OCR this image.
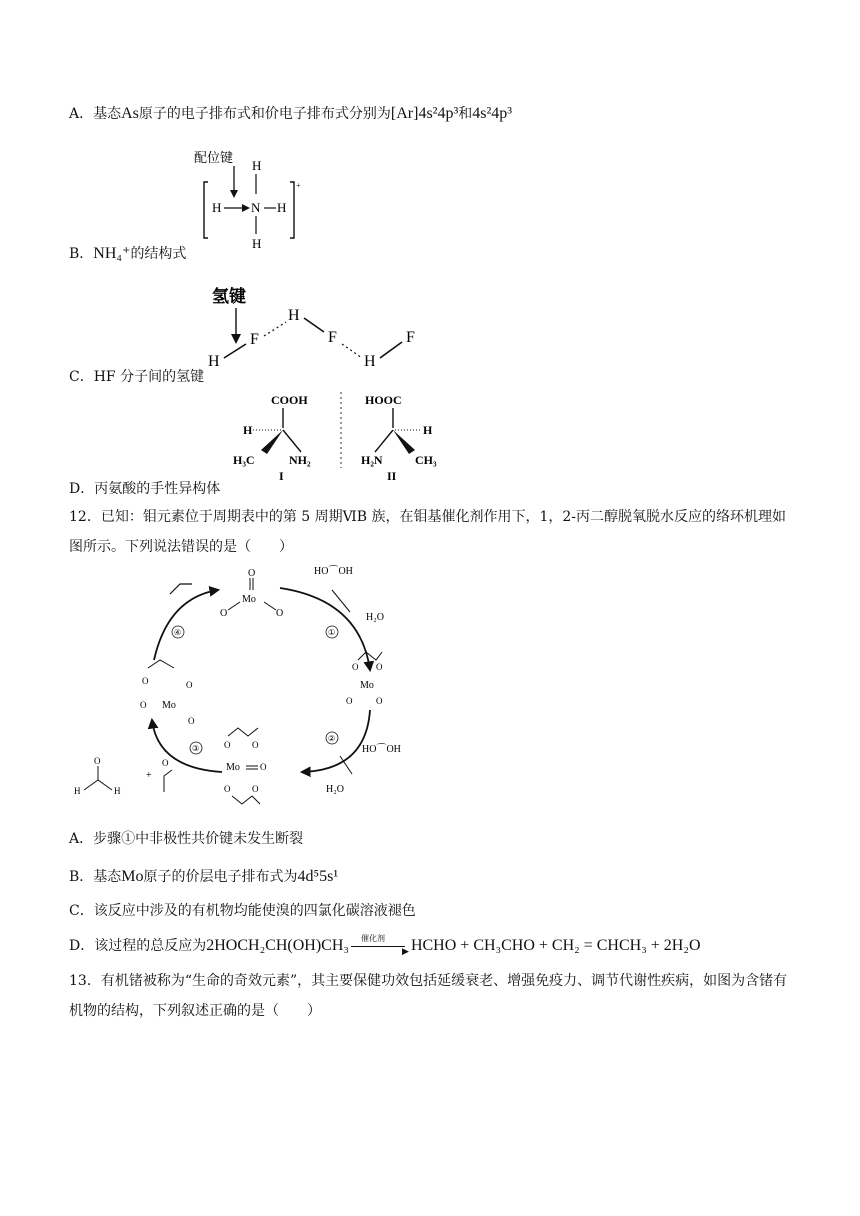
A．基态As原子的电子排布式和价电子排布式分别为[Ar]4s²4p³和4s²4p³
配位键 H
H N H
H
+
B．NH₄⁺的结构式
氢键
H
F
H
F
H
F
C．HF 分子间的氢键
COOH
H
H₃C	NH₂
I
HOOC
H
H₂N	CH₃
II
D．丙氨酸的手性异构体
12．已知：钼元素位于周期表中的第 5 周期ⅥB 族，在钼基催化剂作用下，1，2-丙二醇脱氧脱水反应的络环机理如图所示。下列说法错误的是（　　）
O
Mo
O	O
HO⌒OH
H₂O
①
②
③
④
O O
Mo
O	O
HO⌒OH
H₂O
O O
Mo O
O O
O	O
O Mo
O
H
O
H
+
O
A．步骤①中非极性共价键未发生断裂
B．基态Mo原子的价层电子排布式为4d⁵5s¹
C．该反应中涉及的有机物均能使溴的四氯化碳溶液褪色
D．该过程的总反应为2HOCH₂CH(OH)CH₃ 催化剂
▶ HCHO + CH₃CHO + CH₂ = CHCH₃ + 2H₂O
13．有机锗被称为“生命的奇效元素”，其主要保健功效包括延缓衰老、增强免疫力、调节代谢性疾病，如图为含锗有机物的结构，下列叙述正确的是（　　）
